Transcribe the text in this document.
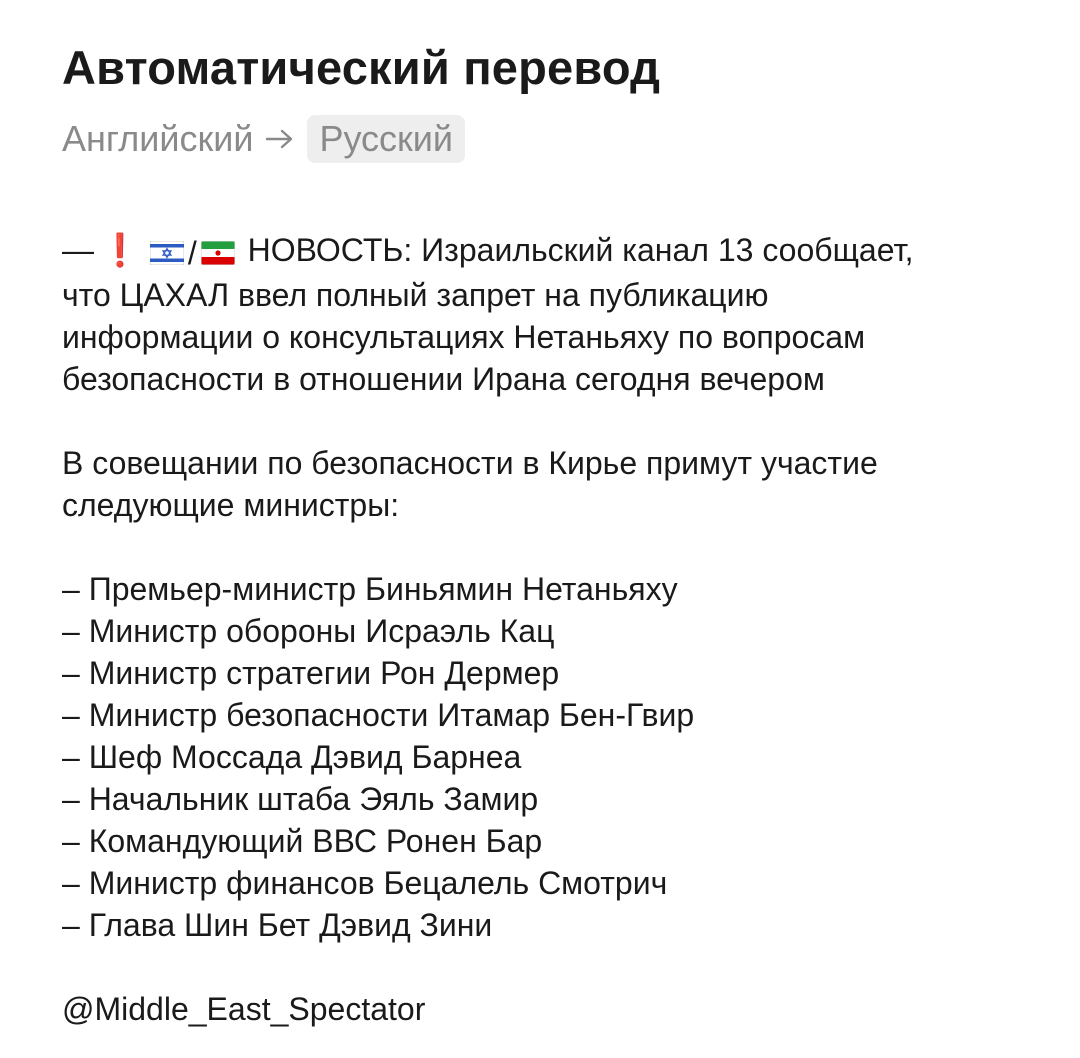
Автоматический перевод
Английский	Русский

— ❗ / НОВОСТЬ: Израильский канал 13 сообщает,

что ЦАХАЛ ввел полный запрет на публикацию

информации о консультациях Нетаньяху по вопросам

безопасности в отношении Ирана сегодня вечером

В совещании по безопасности в Кирье примут участие

следующие министры:

– Премьер-министр Биньямин Нетаньяху

– Министр обороны Исраэль Кац

– Министр стратегии Рон Дермер

– Министр безопасности Итамар Бен-Гвир

– Шеф Моссада Дэвид Барнеа

– Начальник штаба Эяль Замир

– Командующий ВВС Ронен Бар

– Министр финансов Бецалель Смотрич

– Глава Шин Бет Дэвид Зини

@Middle_East_Spectator
